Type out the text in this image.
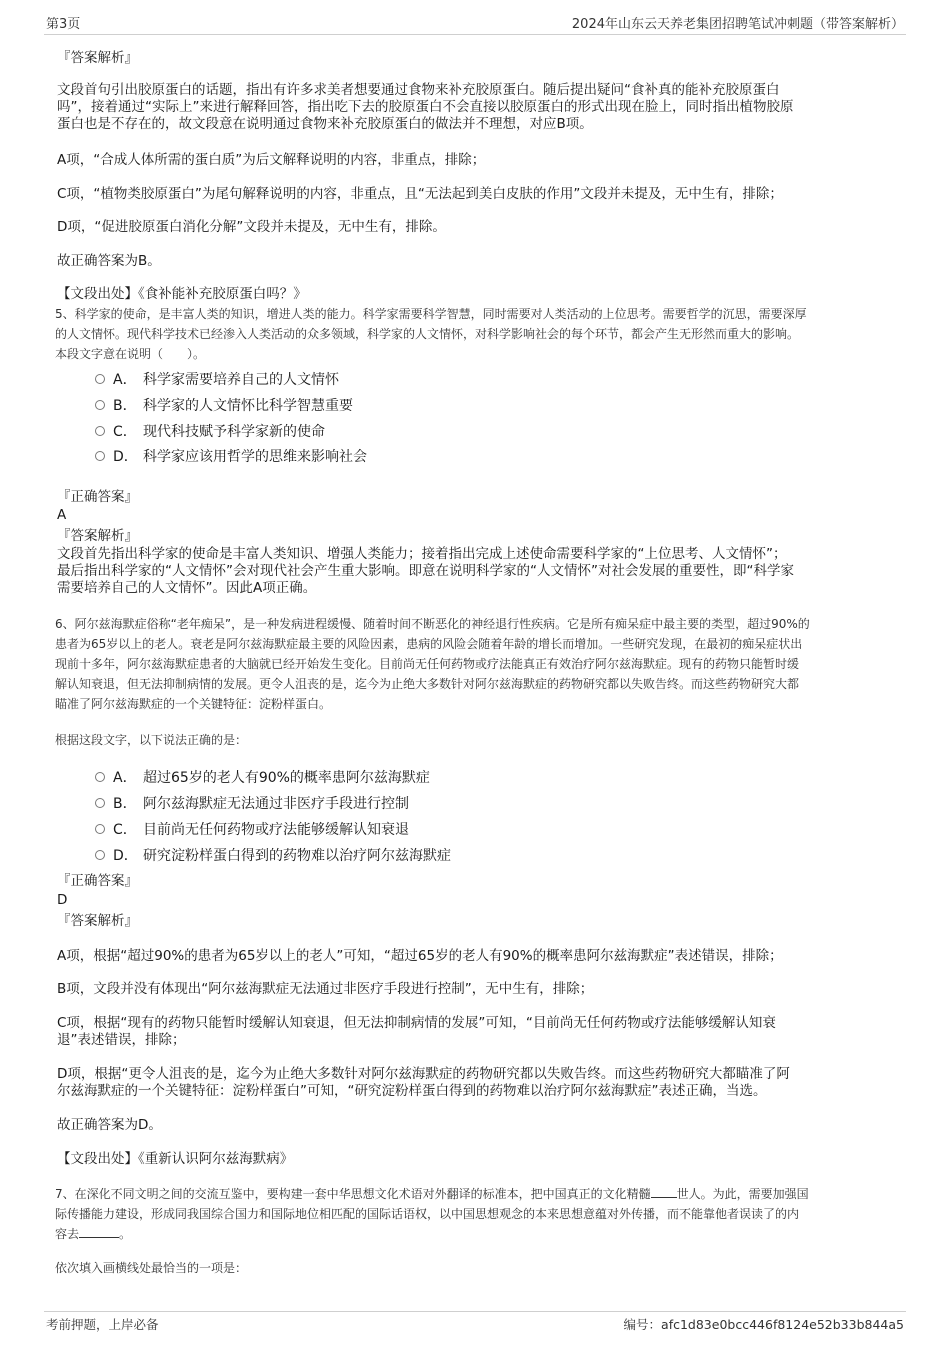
第3页	2024年山东云天养老集团招聘笔试冲刺题（带答案解析）
『答案解析』
文段首句引出胶原蛋白的话题，指出有许多求美者想要通过食物来补充胶原蛋白。随后提出疑问“食补真的能补充胶原蛋白
吗”，接着通过“实际上”来进行解释回答，指出吃下去的胶原蛋白不会直接以胶原蛋白的形式出现在脸上，同时指出植物胶原
蛋白也是不存在的，故文段意在说明通过食物来补充胶原蛋白的做法并不理想，对应B项。
A项，“合成人体所需的蛋白质”为后文解释说明的内容，非重点，排除；
C项，“植物类胶原蛋白”为尾句解释说明的内容，非重点，且“无法起到美白皮肤的作用”文段并未提及，无中生有，排除；
D项，“促进胶原蛋白消化分解”文段并未提及，无中生有，排除。
故正确答案为B。
【文段出处】《食补能补充胶原蛋白吗？》
5、科学家的使命，是丰富人类的知识，增进人类的能力。科学家需要科学智慧，同时需要对人类活动的上位思考。需要哲学的沉思，需要深厚
的人文情怀。现代科学技术已经渗入人类活动的众多领域，科学家的人文情怀，对科学影响社会的每个环节，都会产生无形然而重大的影响。
本段文字意在说明（　　）。
A． 科学家需要培养自己的人文情怀
B． 科学家的人文情怀比科学智慧重要
C． 现代科技赋予科学家新的使命
D． 科学家应该用哲学的思维来影响社会
『正确答案』
A
『答案解析』
文段首先指出科学家的使命是丰富人类知识、增强人类能力；接着指出完成上述使命需要科学家的“上位思考、人文情怀”；
最后指出科学家的“人文情怀”会对现代社会产生重大影响。即意在说明科学家的“人文情怀”对社会发展的重要性，即“科学家
需要培养自己的人文情怀”。因此A项正确。
6、阿尔兹海默症俗称“老年痴呆”，是一种发病进程缓慢、随着时间不断恶化的神经退行性疾病。它是所有痴呆症中最主要的类型，超过90%的
患者为65岁以上的老人。衰老是阿尔兹海默症最主要的风险因素，患病的风险会随着年龄的增长而增加。一些研究发现，在最初的痴呆症状出
现前十多年，阿尔兹海默症患者的大脑就已经开始发生变化。目前尚无任何药物或疗法能真正有效治疗阿尔兹海默症。现有的药物只能暂时缓
解认知衰退，但无法抑制病情的发展。更令人沮丧的是，迄今为止绝大多数针对阿尔兹海默症的药物研究都以失败告终。而这些药物研究大都
瞄准了阿尔兹海默症的一个关键特征：淀粉样蛋白。
根据这段文字，以下说法正确的是：
A． 超过65岁的老人有90%的概率患阿尔兹海默症
B． 阿尔兹海默症无法通过非医疗手段进行控制
C． 目前尚无任何药物或疗法能够缓解认知衰退
D． 研究淀粉样蛋白得到的药物难以治疗阿尔兹海默症
『正确答案』
D
『答案解析』
A项，根据“超过90%的患者为65岁以上的老人”可知，“超过65岁的老人有90%的概率患阿尔兹海默症”表述错误，排除；
B项，文段并没有体现出“阿尔兹海默症无法通过非医疗手段进行控制”，无中生有，排除；
C项，根据“现有的药物只能暂时缓解认知衰退，但无法抑制病情的发展”可知，“目前尚无任何药物或疗法能够缓解认知衰
退”表述错误，排除；
D项，根据“更令人沮丧的是，迄今为止绝大多数针对阿尔兹海默症的药物研究都以失败告终。而这些药物研究大都瞄准了阿
尔兹海默症的一个关键特征：淀粉样蛋白”可知，“研究淀粉样蛋白得到的药物难以治疗阿尔兹海默症”表述正确，当选。
故正确答案为D。
【文段出处】《重新认识阿尔兹海默病》
7、在深化不同文明之间的交流互鉴中，要构建一套中华思想文化术语对外翻译的标准本，把中国真正的文化精髓 世人。为此，需要加强国
际传播能力建设，形成同我国综合国力和国际地位相匹配的国际话语权，以中国思想观念的本来思想意蕴对外传播，而不能靠他者误读了的内
容去	。
依次填入画横线处最恰当的一项是：
考前押题，上岸必备	编号：afc1d83e0bcc446f8124e52b33b844a5
